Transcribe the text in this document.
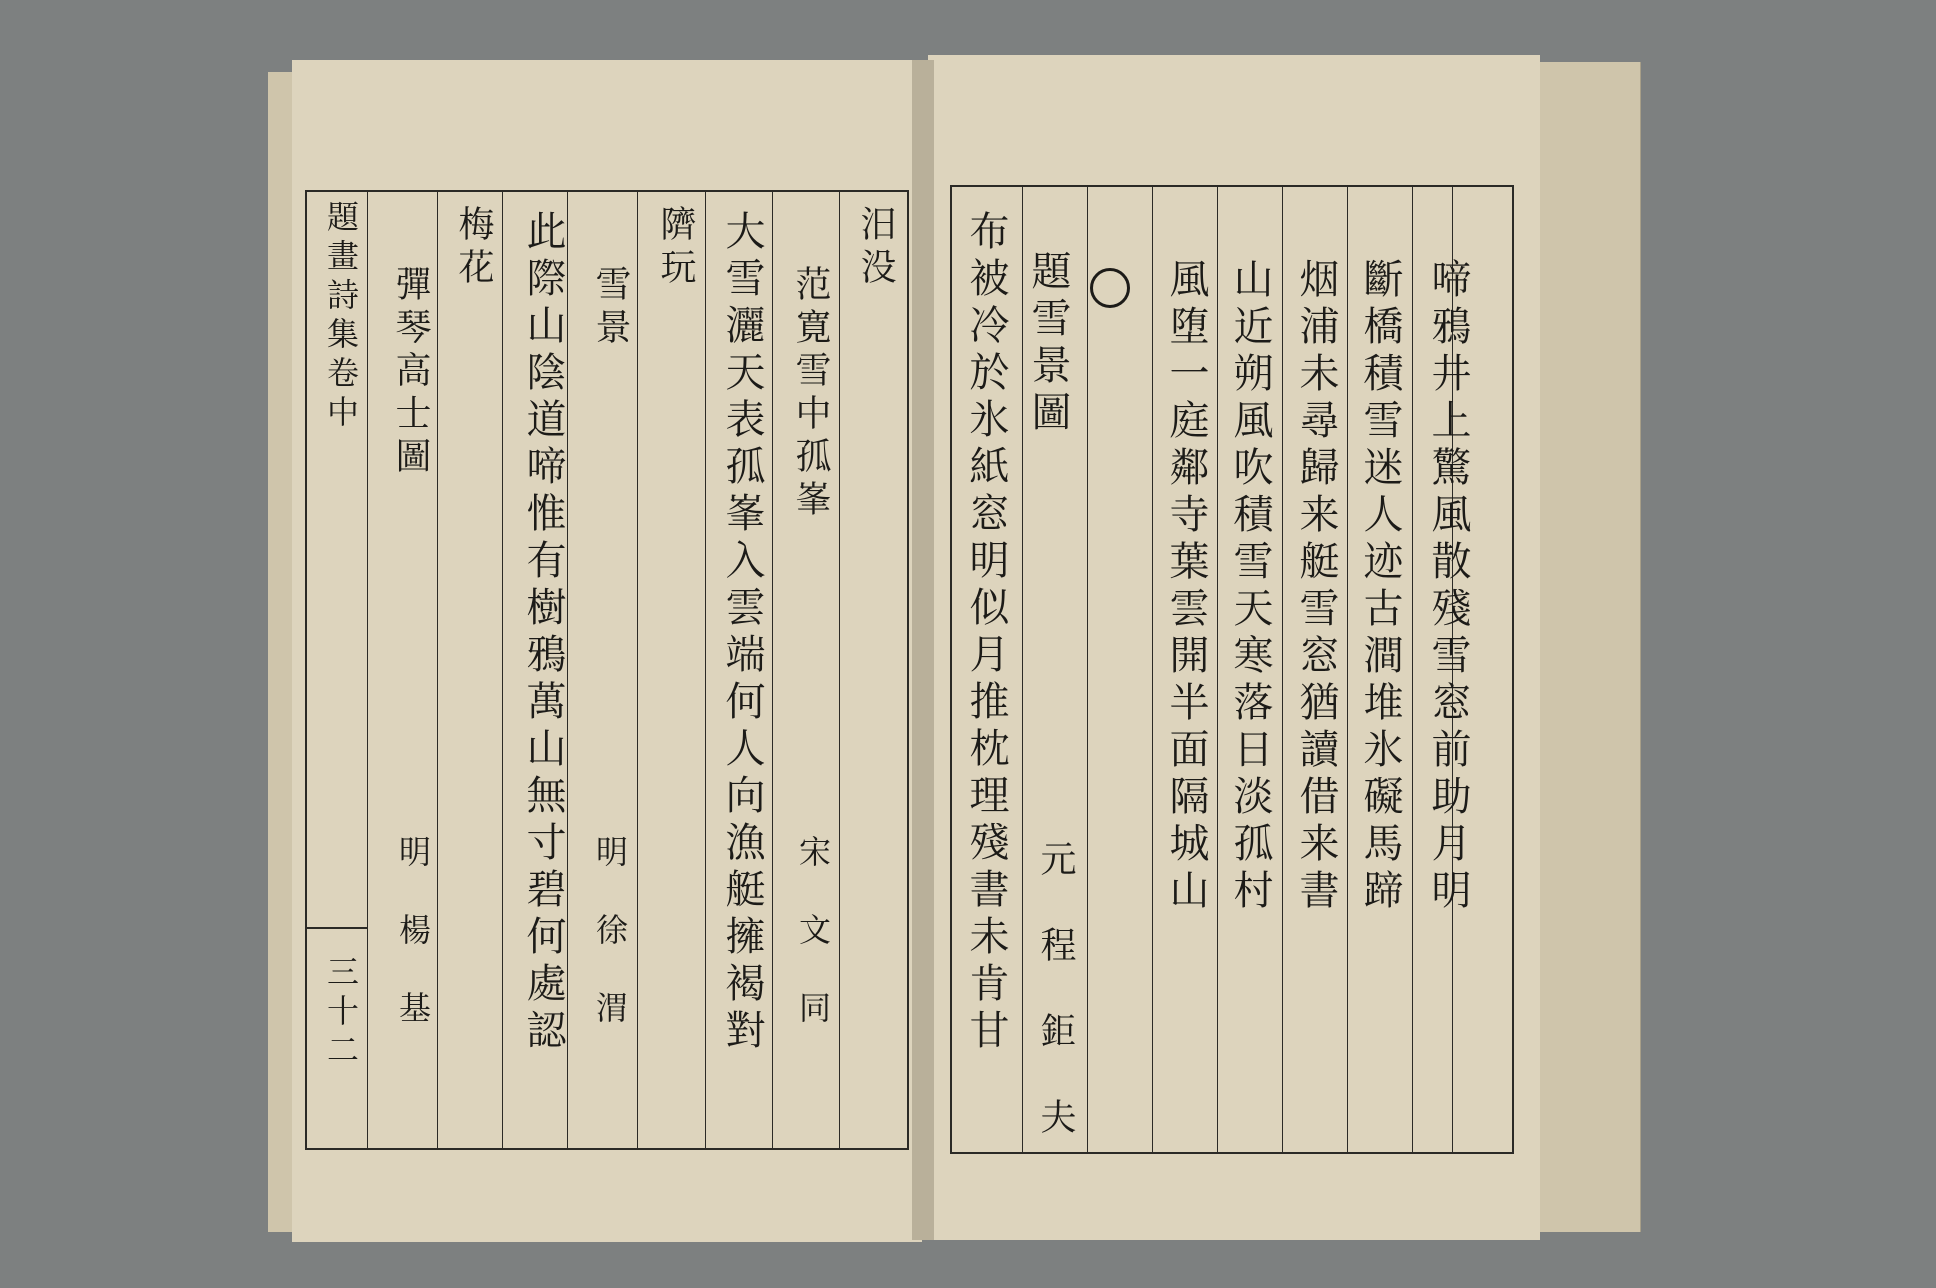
汨没
范寛雪中孤峯
宋　文　同
大雪灑天表孤峯入雲端何人向漁艇擁褐對
隮玩
雪景
明　徐　渭
此際山陰道啼惟有樹鴉萬山無寸碧何處認
梅花
彈琴高士圖
明　楊　基
題畫詩集卷中
三十二
啼鴉井上驚風散殘雪窓前助月明
斷橋積雪迷人迹古澗堆氷礙馬蹄
烟浦未尋歸来艇雪窓猶讀借来書
山近朔風吹積雪天寒落日淡孤村
風堕一庭鄰寺葉雲開半面隔城山
題雪景圖
元　程　鉅　夫
布被冷於氷紙窓明似月推枕理殘書未肯甘
